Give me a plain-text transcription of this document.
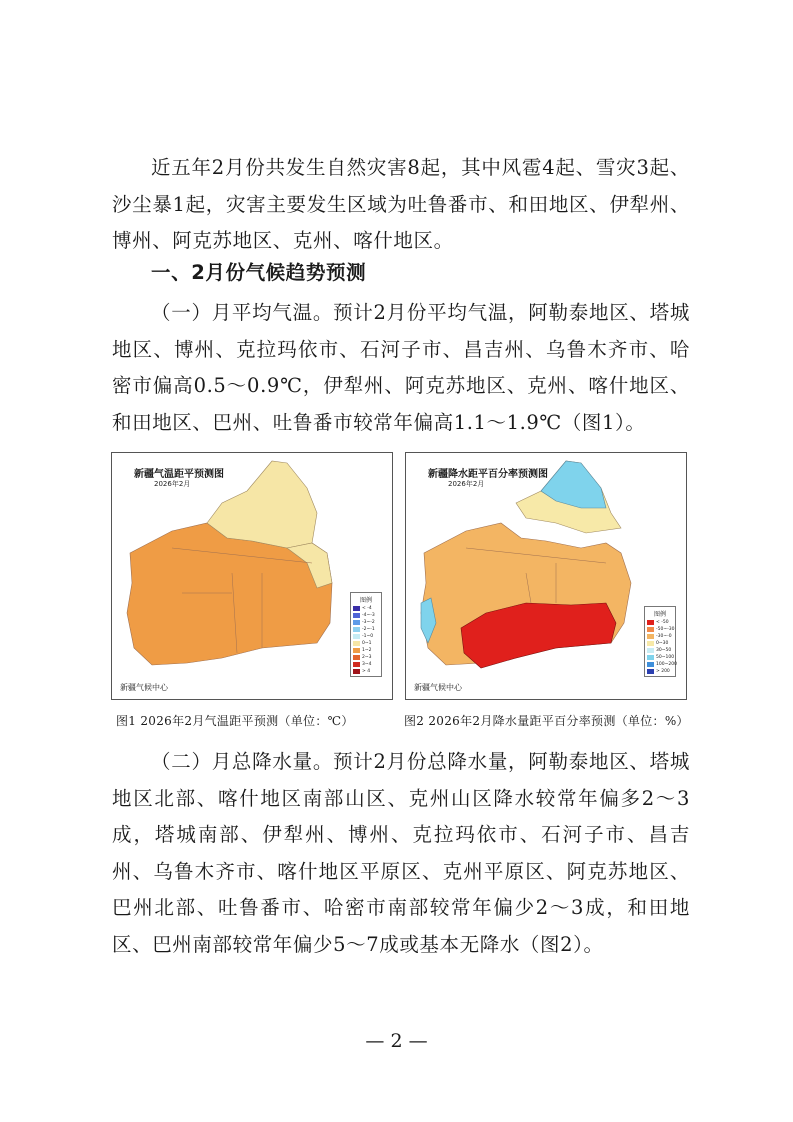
近五年2月份共发生自然灾害8起，其中风雹4起、雪灾3起、沙尘暴1起，灾害主要发生区域为吐鲁番市、和田地区、伊犁州、博州、阿克苏地区、克州、喀什地区。

一、2月份气候趋势预测

（一）月平均气温。预计2月份平均气温，阿勒泰地区、塔城地区、博州、克拉玛依市、石河子市、昌吉州、乌鲁木齐市、哈密市偏高0.5～0.9℃，伊犁州、阿克苏地区、克州、喀什地区、和田地区、巴州、吐鲁番市较常年偏高1.1～1.9℃（图1）。

新疆气温距平预测图
2026年2月
新疆气候中心
图例
< -4
-4~-3
-3~-2
-2~-1
-1~0
0~1
1~2
2~3
3~4
> 4
新疆降水距平百分率预测图
2026年2月
新疆气候中心
图例
< -50
-50~-30
-30~-0
0~30
30~50
50~100
100~200
> 200
图1 2026年2月气温距平预测（单位：℃）	图2 2026年2月降水量距平百分率预测（单位：%）

（二）月总降水量。预计2月份总降水量，阿勒泰地区、塔城地区北部、喀什地区南部山区、克州山区降水较常年偏多2～3成，塔城南部、伊犁州、博州、克拉玛依市、石河子市、昌吉州、乌鲁木齐市、喀什地区平原区、克州平原区、阿克苏地区、巴州北部、吐鲁番市、哈密市南部较常年偏少2～3成，和田地区、巴州南部较常年偏少5～7成或基本无降水（图2）。

— 2 —
